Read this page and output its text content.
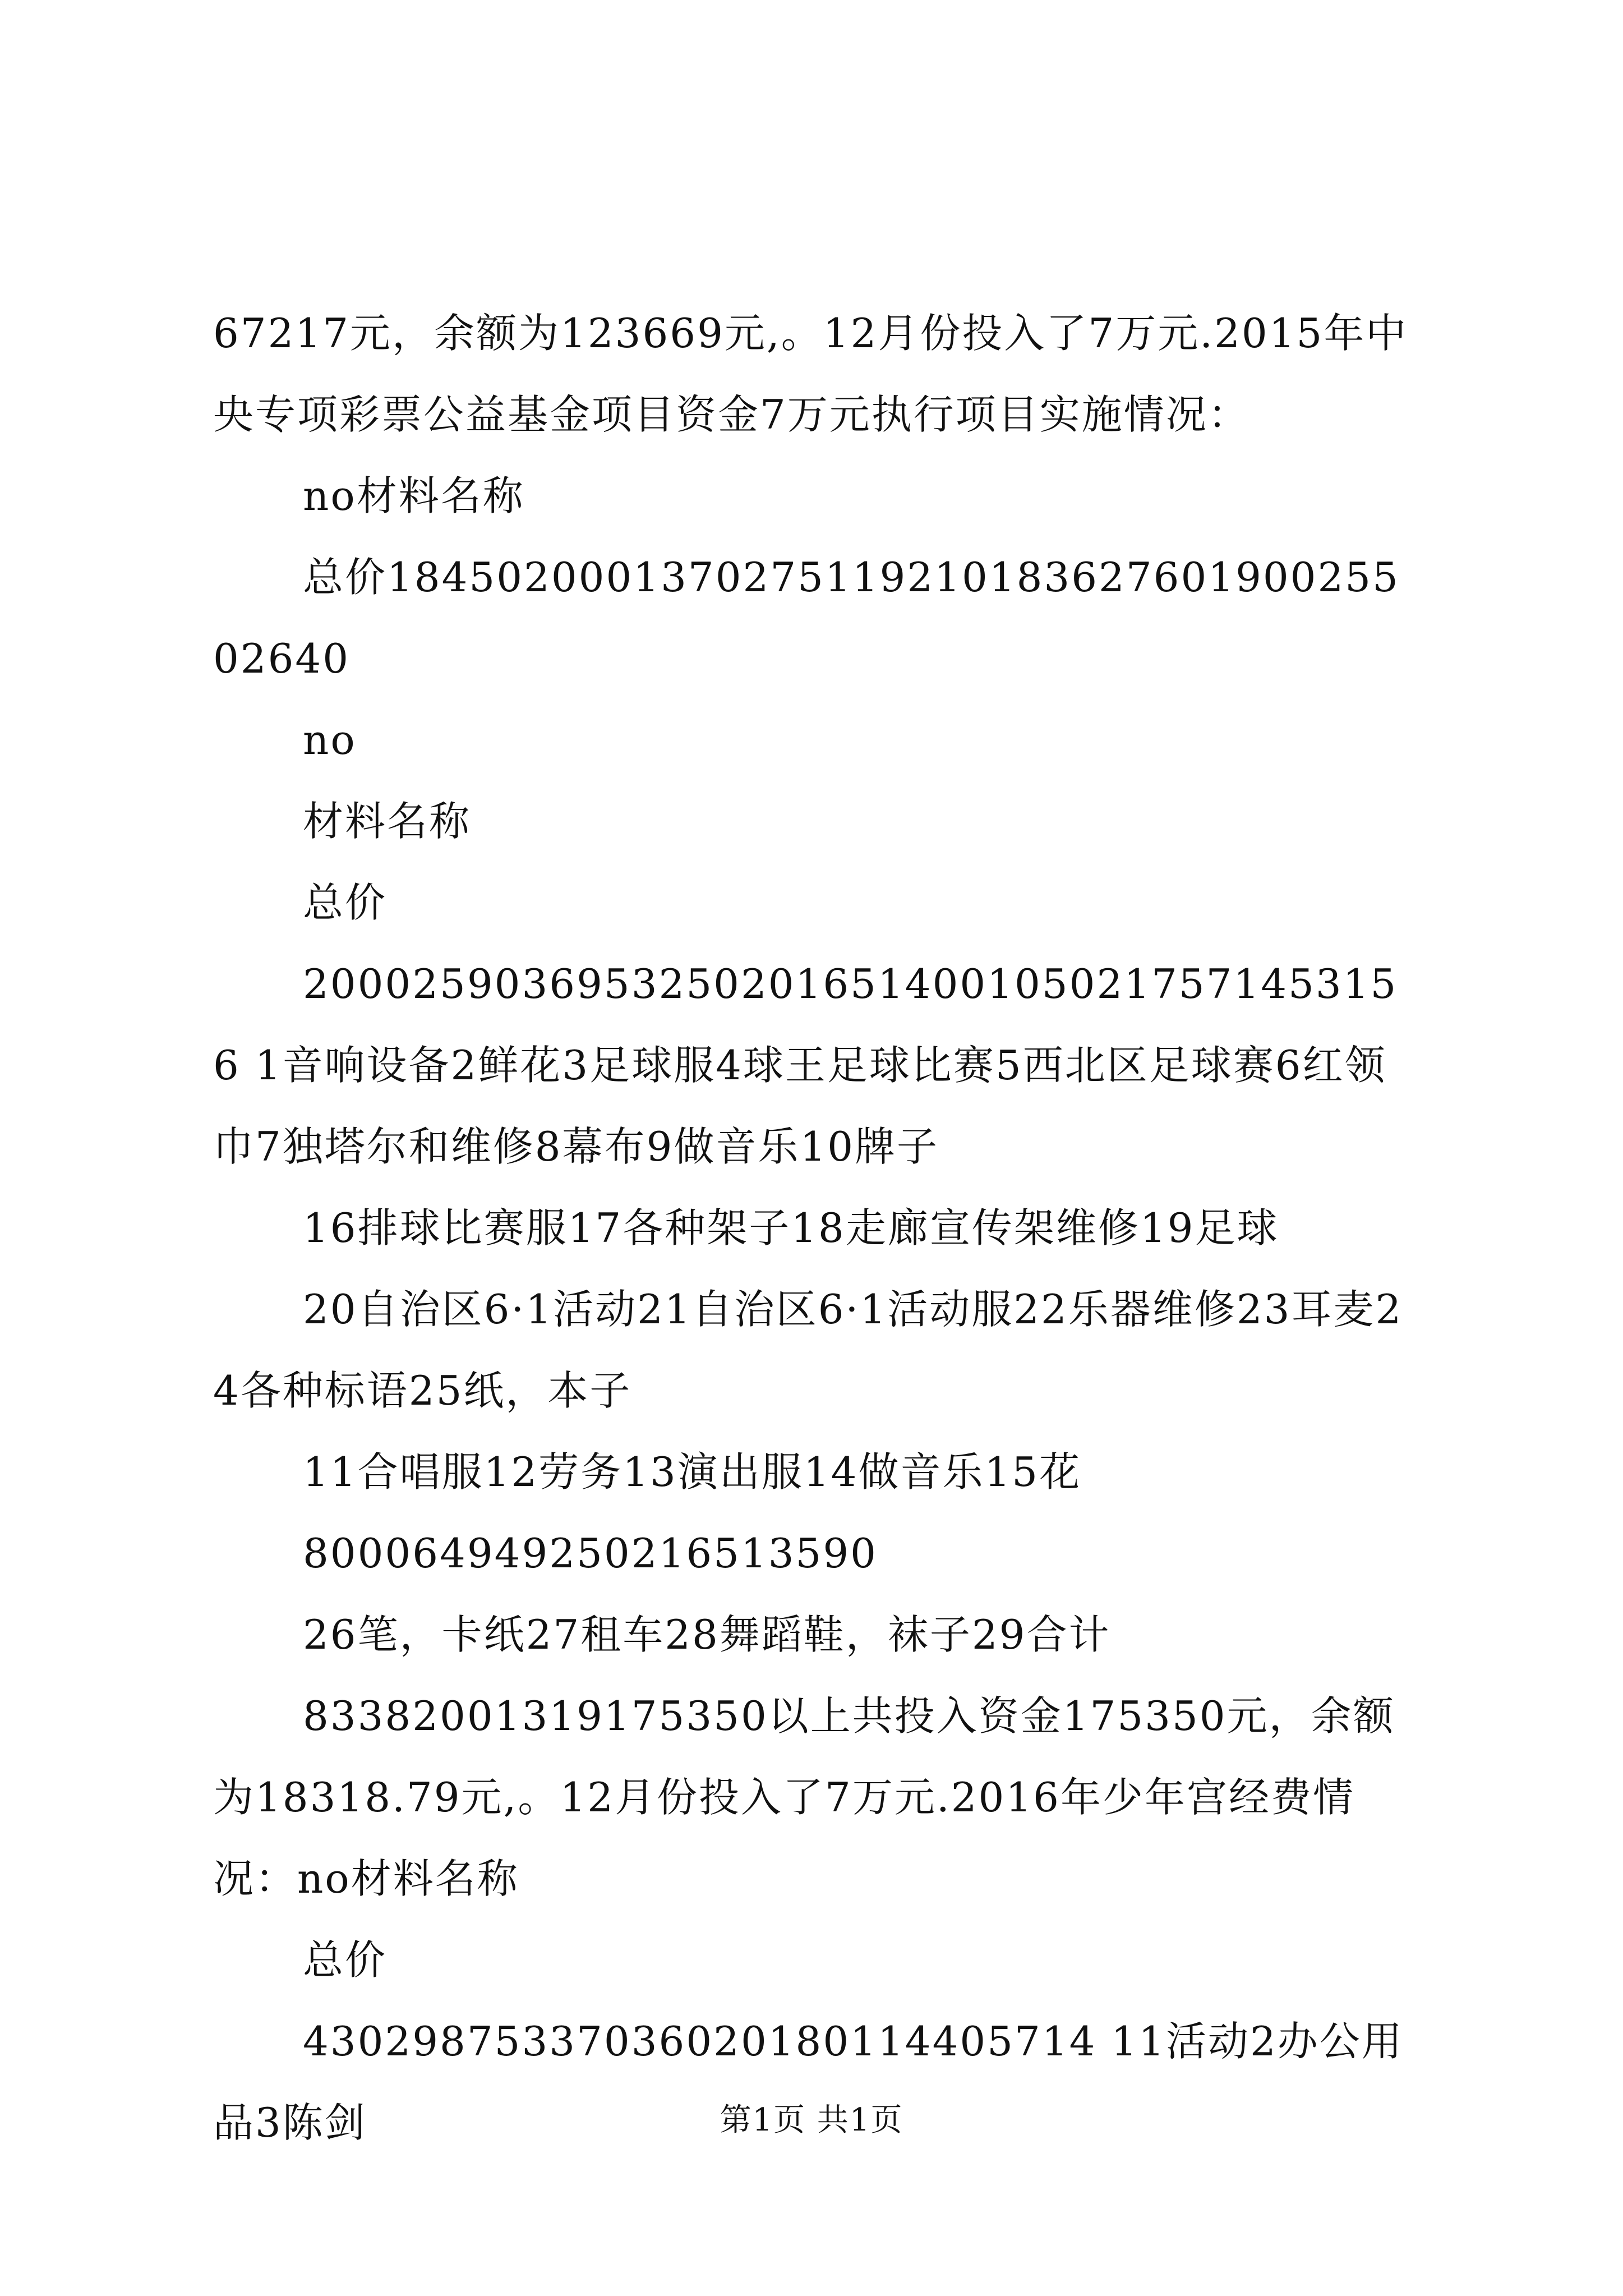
67217元，余额为123669元,。12月份投入了7万元.2015年中央专项彩票公益基金项目资金7万元执行项目实施情况：

no材料名称

总价184502000137027511921018362760190025502640

no

材料名称

总价

20002590369532502016514001050217571453156 1音响设备2鲜花3足球服4球王足球比赛5西北区足球赛6红领巾7独塔尔和维修8幕布9做音乐10牌子

16排球比赛服17各种架子18走廊宣传架维修19足球

20自治区6·1活动21自治区6·1活动服22乐器维修23耳麦24各种标语25纸，本子

11合唱服12劳务13演出服14做音乐15花

800064949250216513590

26笔，卡纸27租车28舞蹈鞋，袜子29合计

83382001319175350以上共投入资金175350元，余额为18318.79元,。12月份投入了7万元.2016年少年宫经费情况：no材料名称

总价

43029875337036020180114405714 11活动2办公用品3陈剑	第1页 共1页
